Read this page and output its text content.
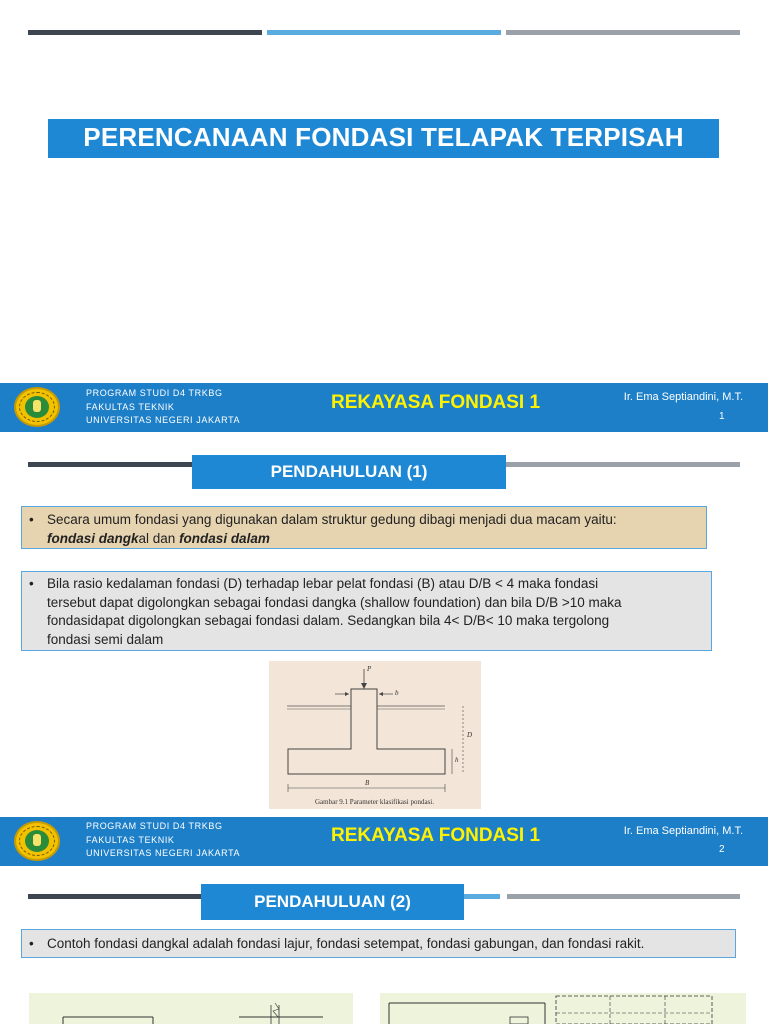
PERENCANAAN FONDASI TELAPAK TERPISAH
PROGRAM STUDI D4 TRKBG
FAKULTAS TEKNIK
UNIVERSITAS NEGERI JAKARTA
REKAYASA FONDASI 1	Ir. Ema Septiandini, M.T.
1
PENDAHULUAN (1)
• Secara umum fondasi yang digunakan dalam struktur gedung dibagi menjadi dua macam yaitu:
fondasi dangkal dan fondasi dalam
• Bila rasio kedalaman fondasi (D) terhadap lebar pelat fondasi (B) atau D/B < 4 maka fondasi
tersebut dapat digolongkan sebagai fondasi dangka (shallow foundation) dan bila D/B >10 maka
fondasidapat digolongkan sebagai fondasi dalam. Sedangkan bila 4< D/B< 10 maka tergolong
fondasi semi dalam
P
b
D
h
B
Gambar 9.1 Parameter klasifikasi pondasi.
PROGRAM STUDI D4 TRKBG
FAKULTAS TEKNIK
UNIVERSITAS NEGERI JAKARTA
REKAYASA FONDASI 1	Ir. Ema Septiandini, M.T.
2
PENDAHULUAN (2)
• Contoh fondasi dangkal adalah fondasi lajur, fondasi setempat, fondasi gabungan, dan fondasi rakit.
